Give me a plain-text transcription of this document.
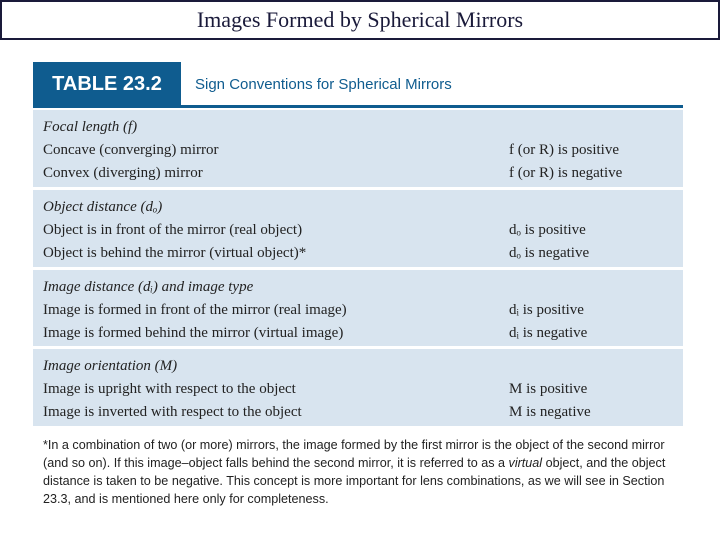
Images Formed by Spherical Mirrors
TABLE 23.2	Sign Conventions for Spherical Mirrors
Focal length (f)
Concave (converging) mirror	f (or R) is positive
Convex (diverging) mirror	f (or R) is negative
Object distance (dₒ)
Object is in front of the mirror (real object)	dₒ is positive
Object is behind the mirror (virtual object)*	dₒ is negative
Image distance (dᵢ) and image type
Image is formed in front of the mirror (real image)	dᵢ is positive
Image is formed behind the mirror (virtual image)	dᵢ is negative
Image orientation (M)
Image is upright with respect to the object	M is positive
Image is inverted with respect to the object	M is negative
*In a combination of two (or more) mirrors, the image formed by the first mirror is the object of the second mirror (and so on). If this image–object falls behind the second mirror, it is referred to as a virtual object, and the object distance is taken to be negative. This concept is more important for lens combinations, as we will see in Section 23.3, and is mentioned here only for completeness.
